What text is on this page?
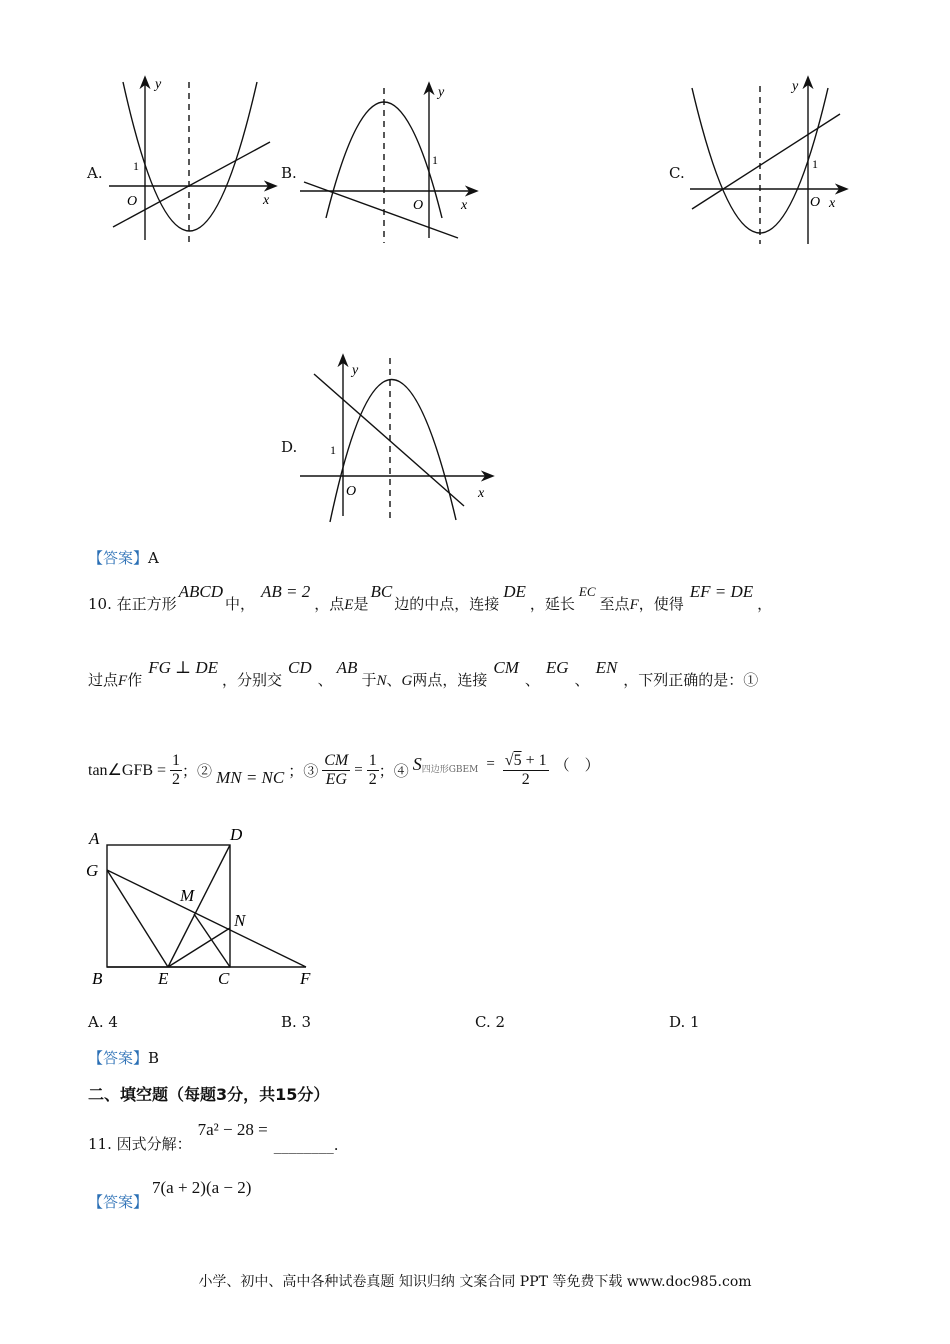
A.
y
x
O
1	B.
y
x
O
1
C.
y
x
O
1
D.
y
x
O
1
【答案】A
10. 在正方形
ABCD
中，
AB = 2
，点 E 是
BC
边的中点，连接
DE
，延长
EC
至点 F ，使得
EF = DE
，
过点 F 作
FG ⊥ DE
，分别交
CD
、
AB
于 N 、 G 两点，连接
CM
、
EG
、
EN
，下列正确的是：①
tan∠GFB = $\frac{1}{2}$ ；② MN = NC ；③ $\frac{CM}{EG} = \frac{1}{2}$ ；④ S 四边形GBEM = $\frac{√5 + 1}{2}$ （　）
A	D
G
M
N
B	E	C	F
A. 4	B. 3	C. 2	D. 1
【答案】B
二、填空题（每题3分，共15分）
11. 因式分解：
7a² − 28 =
________.
【答案】
7(a + 2)(a − 2)
小学、初中、高中各种试卷真题 知识归纳 文案合同 PPT 等免费下载 www.doc985.com
